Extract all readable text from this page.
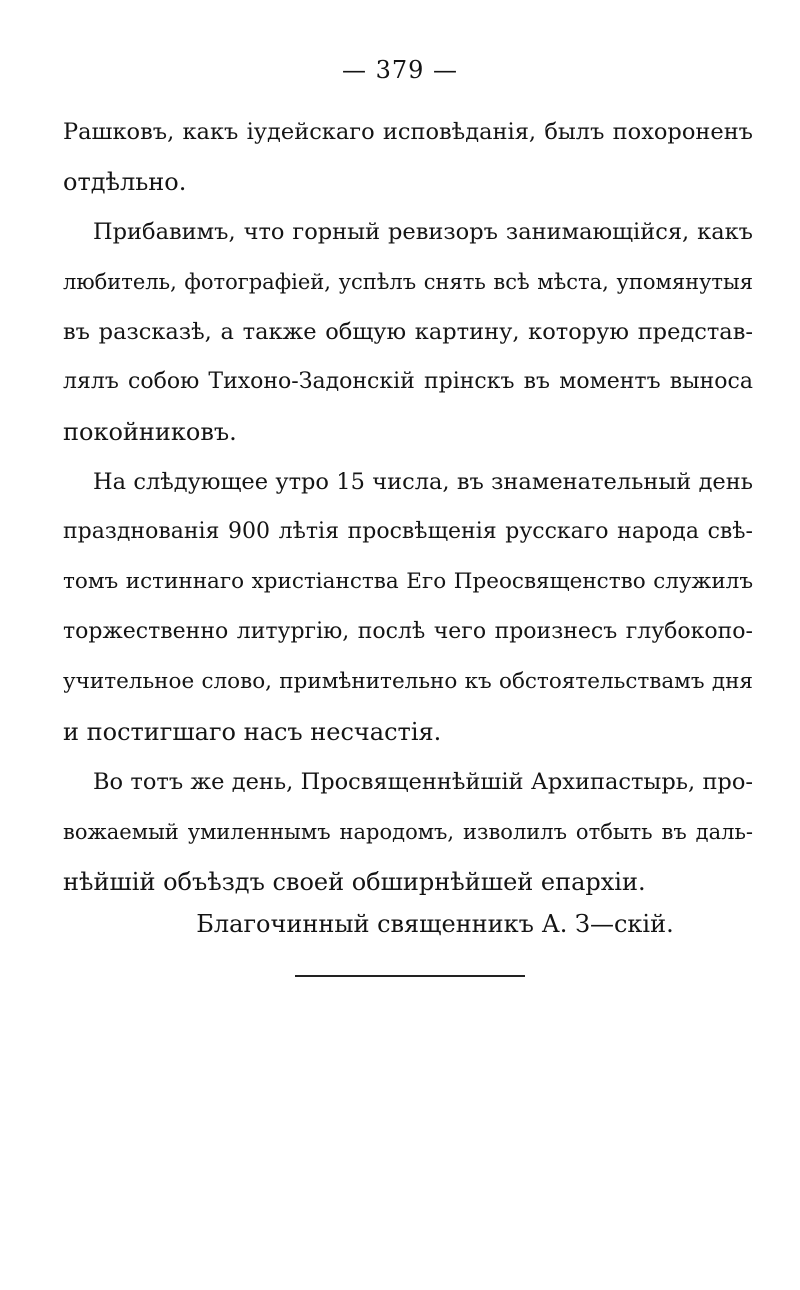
— 379 —
Рашковъ, какъ іудейскаго исповѣданія, былъ похороненъ
отдѣльно.
Прибавимъ, что горный ревизоръ занимающійся, какъ
любитель, фотографіей, успѣлъ снять всѣ мѣста, упомянутыя
въ разсказѣ, а также общую картину, которую представ-
лялъ собою Тихоно-Задонскій прінскъ въ моментъ выноса
покойниковъ.
На слѣдующее утро 15 числа, въ знаменательный день
празднованія 900 лѣтія просвѣщенія русскаго народа свѣ-
томъ истиннаго христіанства Его Преосвященство служилъ
торжественно литургію, послѣ чего произнесъ глубокопо-
учительное слово, примѣнительно къ обстоятельствамъ дня
и постигшаго насъ несчастія.
Во тотъ же день, Просвященнѣйшій Архипастырь, про-
вожаемый умиленнымъ народомъ, изволилъ отбыть въ даль-
нѣйшій объѣздъ своей обширнѣйшей епархіи.
Благочинный священникъ А. З—скій.
